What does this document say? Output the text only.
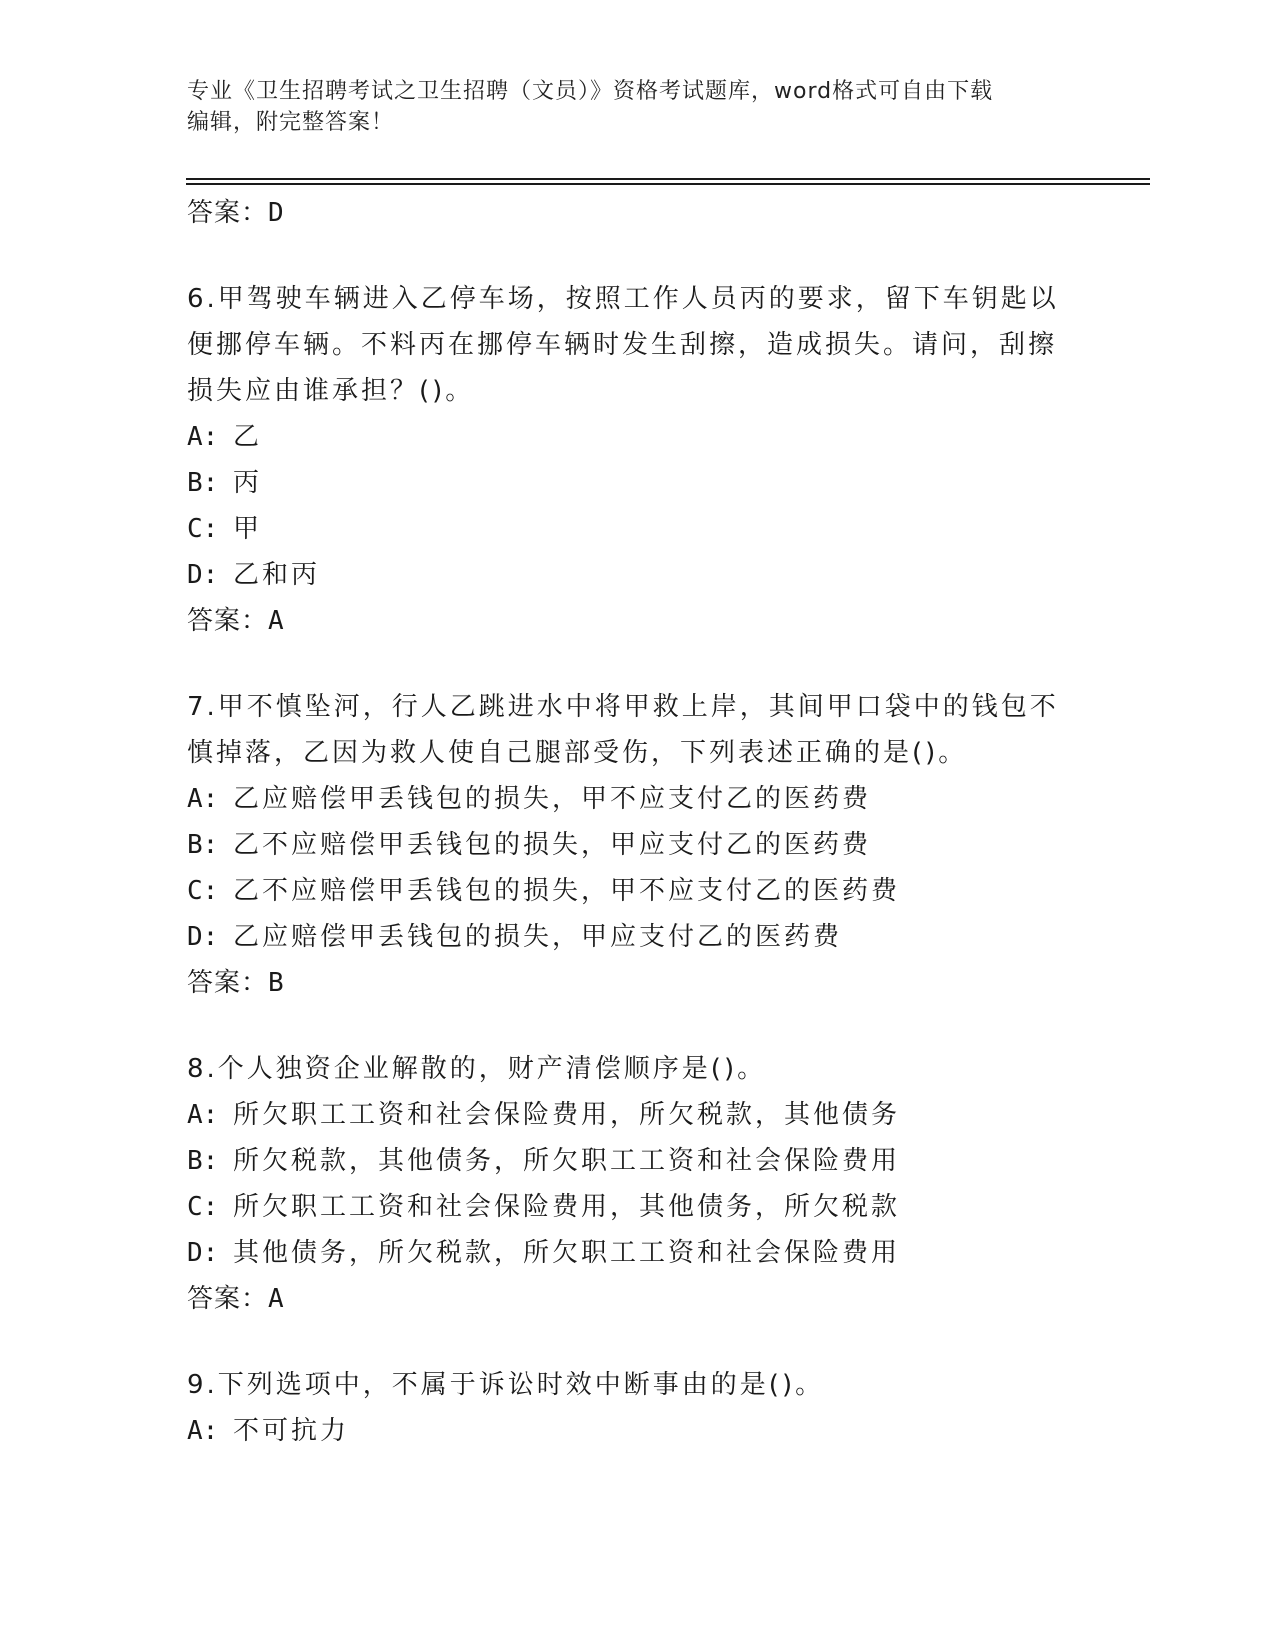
专业《卫生招聘考试之卫生招聘（文员）》资格考试题库，word格式可自由下载
编辑，附完整答案！
答案：D
6.甲驾驶车辆进入乙停车场，按照工作人员丙的要求，留下车钥匙以
便挪停车辆。不料丙在挪停车辆时发生刮擦，造成损失。请问，刮擦
损失应由谁承担？()。
A: 乙
B: 丙
C: 甲
D: 乙和丙
答案：A
7.甲不慎坠河，行人乙跳进水中将甲救上岸，其间甲口袋中的钱包不
慎掉落，乙因为救人使自己腿部受伤，下列表述正确的是()。
A: 乙应赔偿甲丢钱包的损失，甲不应支付乙的医药费
B: 乙不应赔偿甲丢钱包的损失，甲应支付乙的医药费
C: 乙不应赔偿甲丢钱包的损失，甲不应支付乙的医药费
D: 乙应赔偿甲丢钱包的损失，甲应支付乙的医药费
答案：B
8.个人独资企业解散的，财产清偿顺序是()。
A: 所欠职工工资和社会保险费用，所欠税款，其他债务
B: 所欠税款，其他债务，所欠职工工资和社会保险费用
C: 所欠职工工资和社会保险费用，其他债务，所欠税款
D: 其他债务，所欠税款，所欠职工工资和社会保险费用
答案：A
9.下列选项中，不属于诉讼时效中断事由的是()。
A: 不可抗力
